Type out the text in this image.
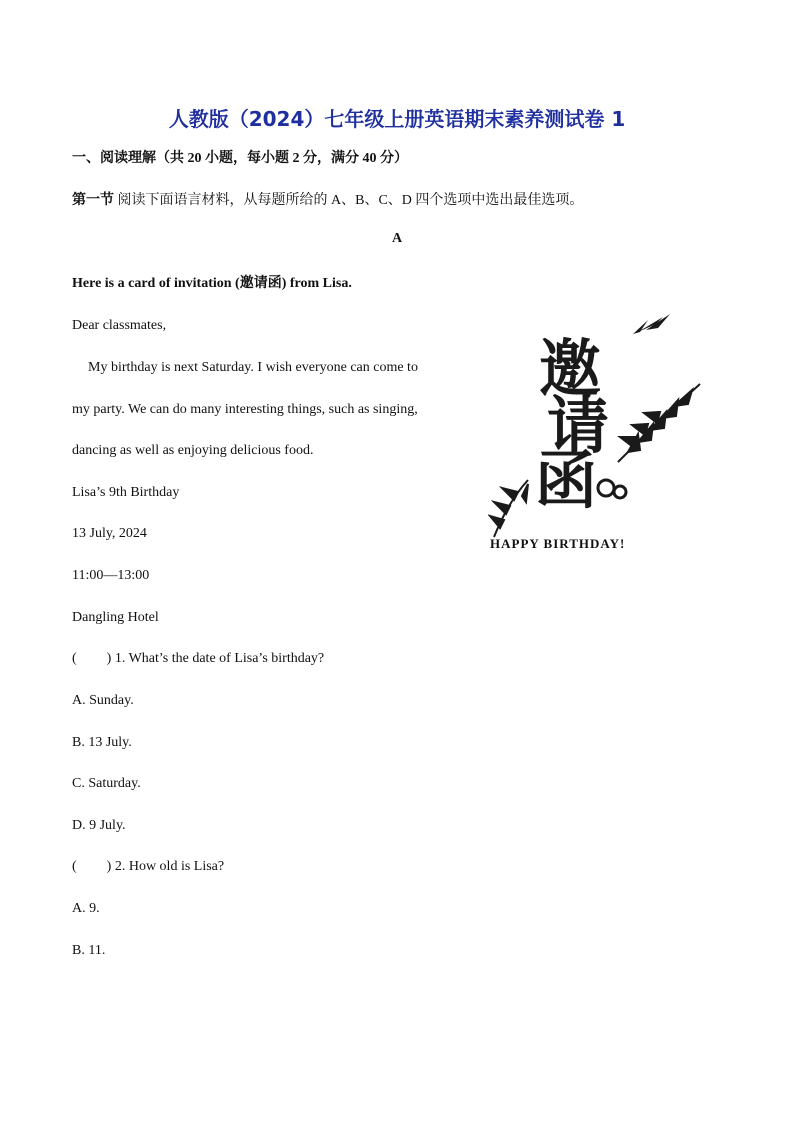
人教版（2024）七年级上册英语期末素养测试卷 1
一、阅读理解（共 20 小题，每小题 2 分，满分 40 分）
第一节 阅读下面语言材料，从每题所给的 A、B、C、D 四个选项中选出最佳选项。
A
Here is a card of invitation (邀请函) from Lisa.
Dear classmates,
My birthday is next Saturday. I wish everyone can come to
my party. We can do many interesting things, such as singing,
dancing as well as enjoying delicious food.
Lisa’s 9th Birthday
13 July, 2024
11:00—13:00
Dangling Hotel
( ) 1. What’s the date of Lisa’s birthday?
A. Sunday.
B. 13 July.
C. Saturday.
D. 9 July.
( ) 2. How old is Lisa?
A. 9.
B. 11.
邀
请
函
HAPPY BIRTHDAY!
